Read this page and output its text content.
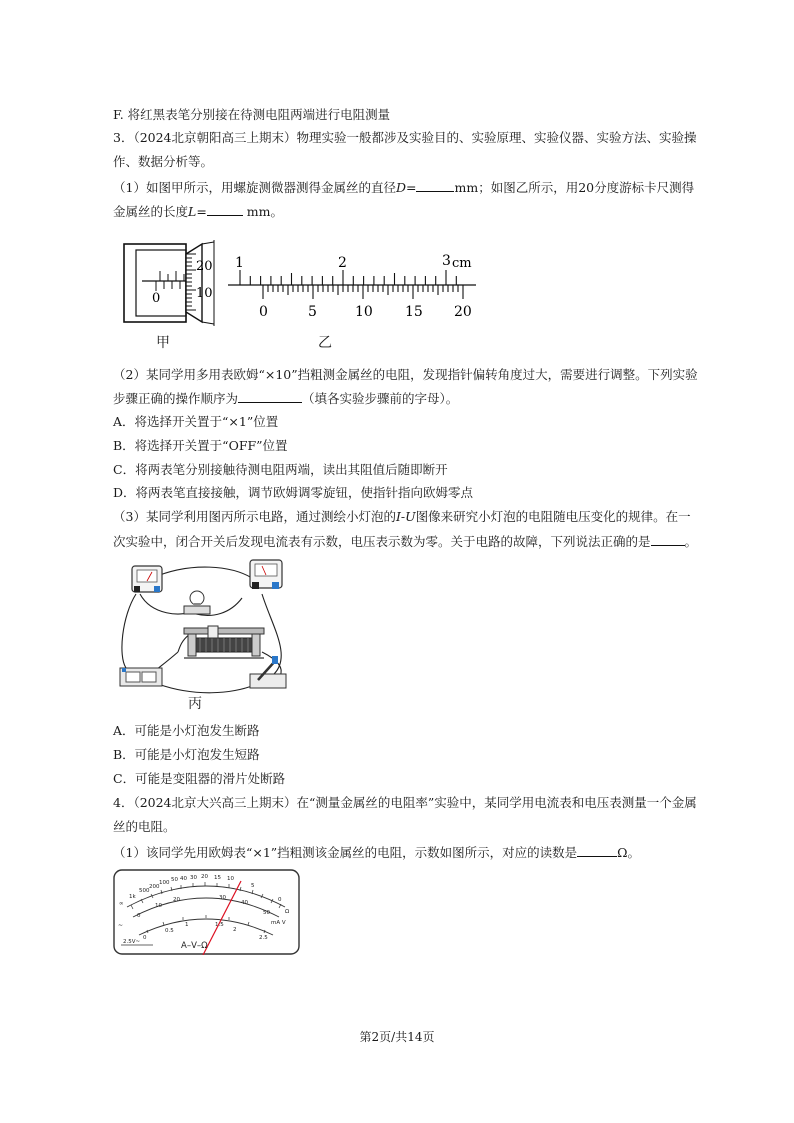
F. 将红黑表笔分别接在待测电阻两端进行电阻测量
3．（2024北京朝阳高三上期末）物理实验一般都涉及实验目的、实验原理、实验仪器、实验方法、实验操
作、数据分析等。
（1）如图甲所示，用螺旋测微器测得金属丝的直径D=	mm；如图乙所示，用20分度游标卡尺测得
金属丝的长度L=	mm。
0
20
10
甲
1	2	3 cm
0	5	10 15 20
乙
（2）某同学用多用表欧姆“×10”挡粗测金属丝的电阻，发现指针偏转角度过大，需要进行调整。下列实验
步骤正确的操作顺序为	（填各实验步骤前的字母）。
A．将选择开关置于“×1”位置
B．将选择开关置于“OFF”位置
C．将两表笔分别接触待测电阻两端，读出其阻值后随即断开
D．将两表笔直接接触，调节欧姆调零旋钮，使指针指向欧姆零点
（3）某同学利用图丙所示电路，通过测绘小灯泡的I-U图像来研究小灯泡的电阻随电压变化的规律。在一
次实验中，闭合开关后发现电流表有示数，电压表示数为零。关于电路的故障，下列说法正确的是	。
丙
A．可能是小灯泡发生断路
B．可能是小灯泡发生短路
C．可能是变阻器的滑片处断路
4．（2024北京大兴高三上期末）在“测量金属丝的电阻率”实验中，某同学用电流表和电压表测量一个金属
丝的电阻。
（1）该同学先用欧姆表“×1”挡粗测该金属丝的电阻，示数如图所示，对应的读数是	Ω。
∞
1k
500
200
100 50 40 30 20 15 10
5
0
Ω
0
10
20	30
40
50
mA V
0
0.5
1	1.5
2
2.5
2.5V~	A–V–Ω
~
第2页/共14页
